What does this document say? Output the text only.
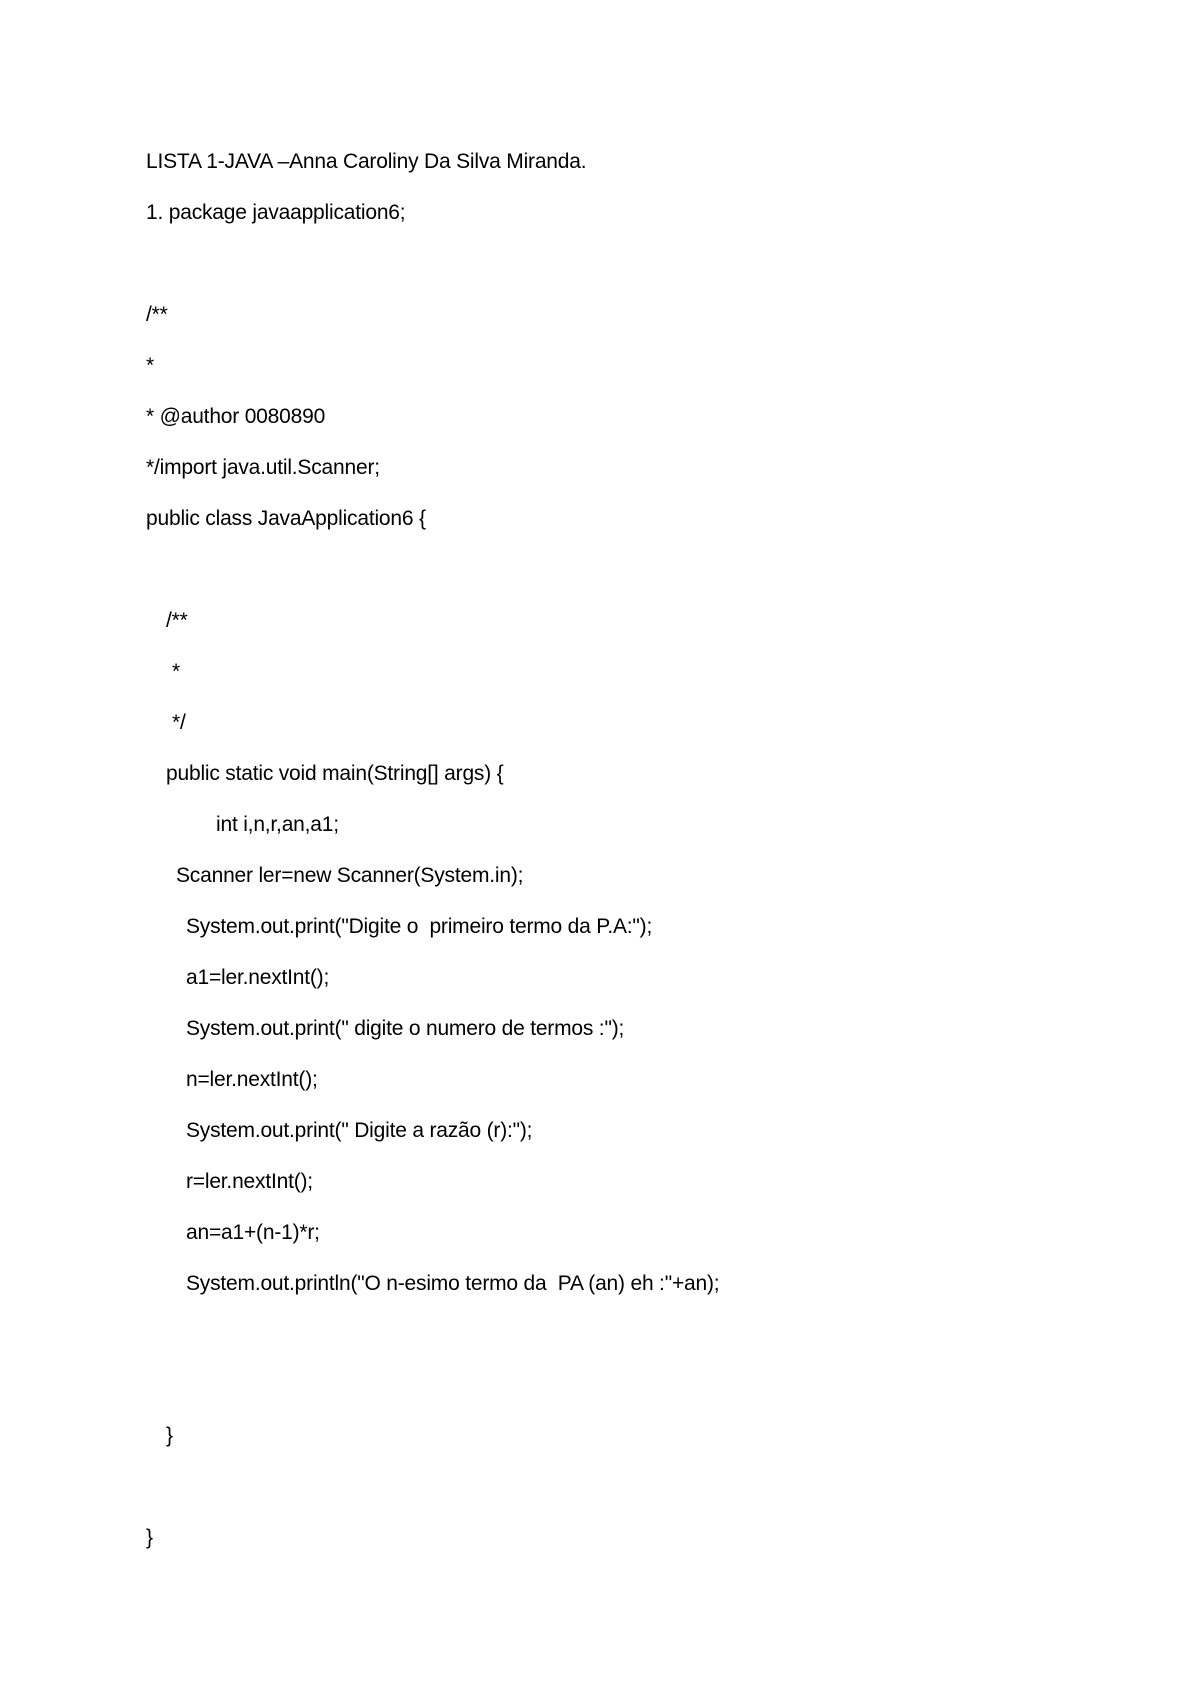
LISTA 1-JAVA –Anna Caroliny Da Silva Miranda.
1. package javaapplication6;
/**
*
* @author 0080890
*/import java.util.Scanner;
public class JavaApplication6 {
/**
*
*/
public static void main(String[] args) {
int i,n,r,an,a1;
Scanner ler=new Scanner(System.in);
System.out.print("Digite o  primeiro termo da P.A:");
a1=ler.nextInt();
System.out.print(" digite o numero de termos :");
n=ler.nextInt();
System.out.print(" Digite a razão (r):");
r=ler.nextInt();
an=a1+(n-1)*r;
System.out.println("O n-esimo termo da  PA (an) eh :"+an);
}
}
